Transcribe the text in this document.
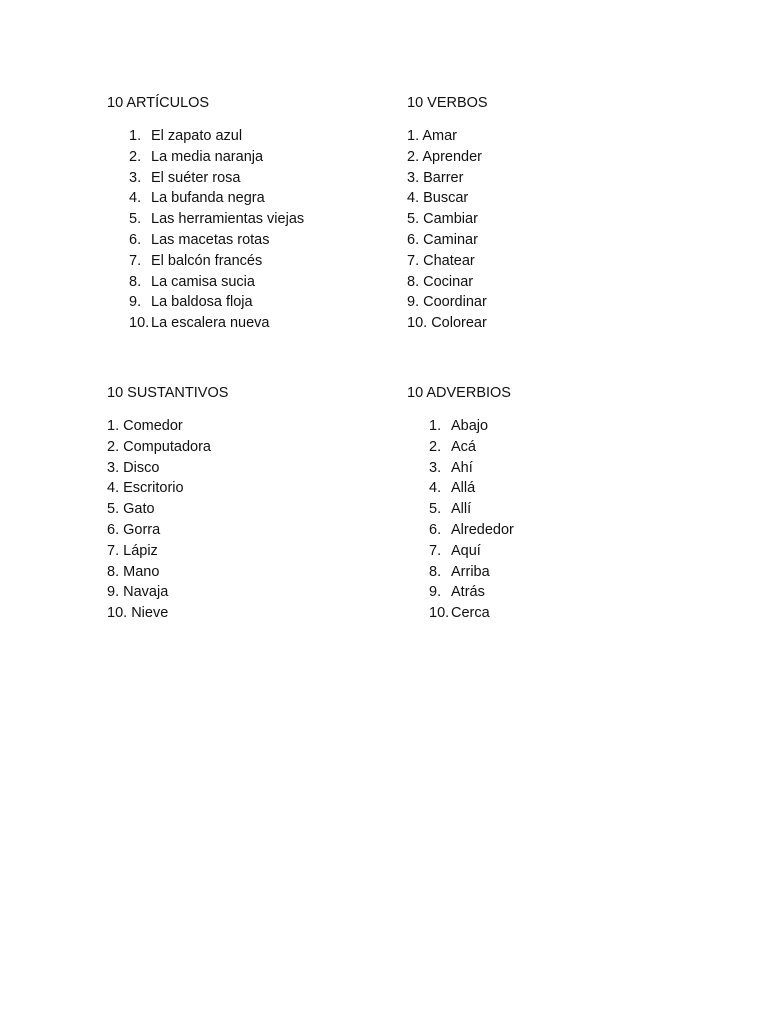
10 ARTÍCULOS
1. El zapato azul
2. La media naranja
3. El suéter rosa
4. La bufanda negra
5. Las herramientas viejas
6. Las macetas rotas
7. El balcón francés
8. La camisa sucia
9. La baldosa floja
10. La escalera nueva
10 VERBOS
1. Amar
2. Aprender
3. Barrer
4. Buscar
5. Cambiar
6. Caminar
7. Chatear
8. Cocinar
9. Coordinar
10. Colorear
10 SUSTANTIVOS
1. Comedor
2. Computadora
3. Disco
4. Escritorio
5. Gato
6. Gorra
7. Lápiz
8. Mano
9. Navaja
10. Nieve
10 ADVERBIOS
1. Abajo
2. Acá
3. Ahí
4. Allá
5. Allí
6. Alrededor
7. Aquí
8. Arriba
9. Atrás
10. Cerca
